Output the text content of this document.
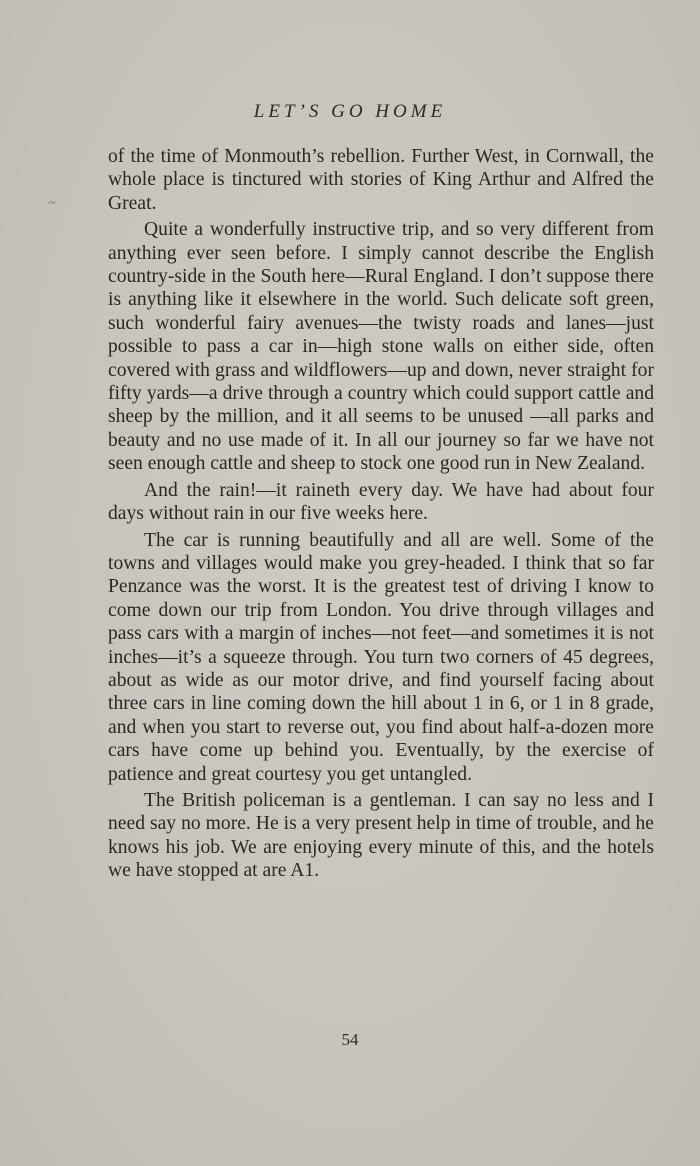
LET’S GO HOME
~

of the time of Monmouth’s rebellion. Further West, in Cornwall, the whole place is tinctured with stories of King Arthur and Alfred the Great.

Quite a wonderfully instructive trip, and so very different from anything ever seen before. I simply cannot describe the English country-side in the South here—Rural England. I don’t suppose there is anything like it elsewhere in the world. Such delicate soft green, such wonderful fairy avenues—the twisty roads and lanes—just possible to pass a car in—high stone walls on either side, often covered with grass and wildflowers—up and down, never straight for fifty yards—a drive through a country which could support cattle and sheep by the million, and it all seems to be unused —all parks and beauty and no use made of it. In all our journey so far we have not seen enough cattle and sheep to stock one good run in New Zealand.

And the rain!—it raineth every day. We have had about four days without rain in our five weeks here.

The car is running beautifully and all are well. Some of the towns and villages would make you grey-headed. I think that so far Penzance was the worst. It is the greatest test of driving I know to come down our trip from London. You drive through villages and pass cars with a margin of inches—not feet—and sometimes it is not inches—it’s a squeeze through. You turn two corners of 45 degrees, about as wide as our motor drive, and find yourself facing about three cars in line coming down the hill about 1 in 6, or 1 in 8 grade, and when you start to reverse out, you find about half-a-dozen more cars have come up behind you. Eventually, by the exercise of patience and great courtesy you get untangled.

The British policeman is a gentleman. I can say no less and I need say no more. He is a very present help in time of trouble, and he knows his job. We are enjoying every minute of this, and the hotels we have stopped at are A1.

54
